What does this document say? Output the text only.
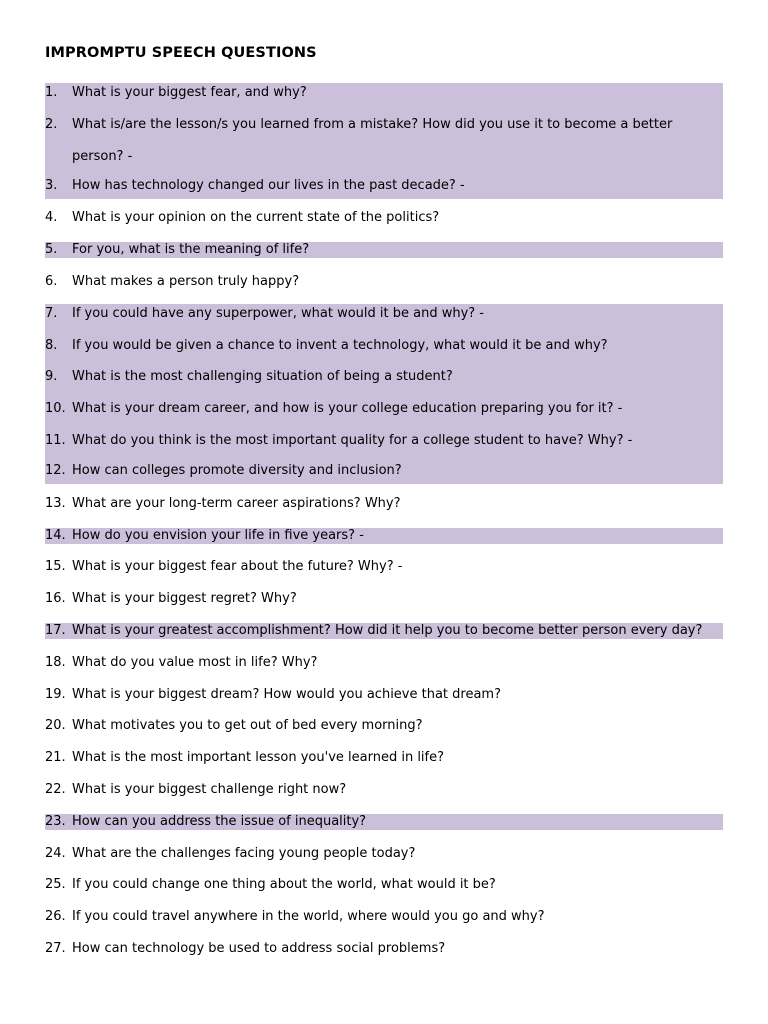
IMPROMPTU SPEECH QUESTIONS
1.	What is your biggest fear, and why?
2.	What is/are the lesson/s you learned from a mistake? How did you use it to become a better person? -
3.	How has technology changed our lives in the past decade? -
4.	What is your opinion on the current state of the politics?
5.	For you, what is the meaning of life?
6.	What makes a person truly happy?
7.	If you could have any superpower, what would it be and why? -
8.	If you would be given a chance to invent a technology, what would it be and why?
9.	What is the most challenging situation of being a student?
10. What is your dream career, and how is your college education preparing you for it? -
11. What do you think is the most important quality for a college student to have? Why? -
12. How can colleges promote diversity and inclusion?
13. What are your long-term career aspirations? Why?
14. How do you envision your life in five years? -
15. What is your biggest fear about the future? Why? -
16. What is your biggest regret? Why?
17. What is your greatest accomplishment? How did it help you to become better person every day?
18. What do you value most in life? Why?
19. What is your biggest dream? How would you achieve that dream?
20. What motivates you to get out of bed every morning?
21. What is the most important lesson you've learned in life?
22. What is your biggest challenge right now?
23. How can you address the issue of inequality?
24. What are the challenges facing young people today?
25. If you could change one thing about the world, what would it be?
26. If you could travel anywhere in the world, where would you go and why?
27. How can technology be used to address social problems?
